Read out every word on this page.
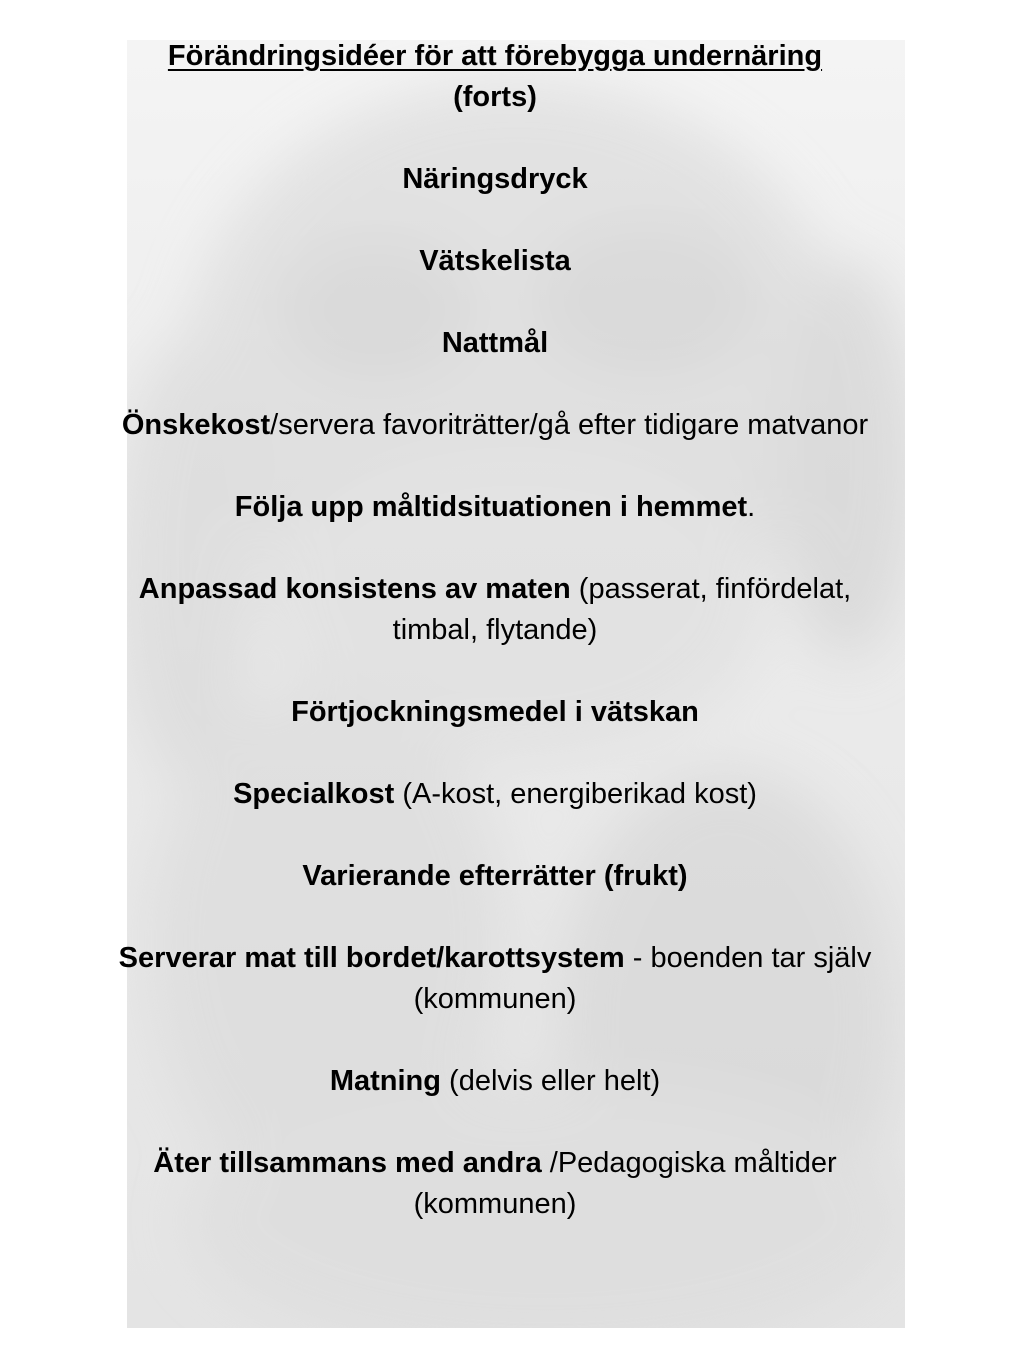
Förändringsidéer för att förebygga undernäring
(forts)

Näringsdryck

Vätskelista

Nattmål

Önskekost/servera favoriträtter/gå efter tidigare matvanor

Följa upp måltidsituationen i hemmet.

Anpassad konsistens av maten (passerat, finfördelat, timbal, flytande)

Förtjockningsmedel i vätskan

Specialkost (A-kost, energiberikad kost)

Varierande efterrätter (frukt)

Serverar mat till bordet/karottsystem - boenden tar själv (kommunen)

Matning (delvis eller helt)

Äter tillsammans med andra /Pedagogiska måltider (kommunen)
